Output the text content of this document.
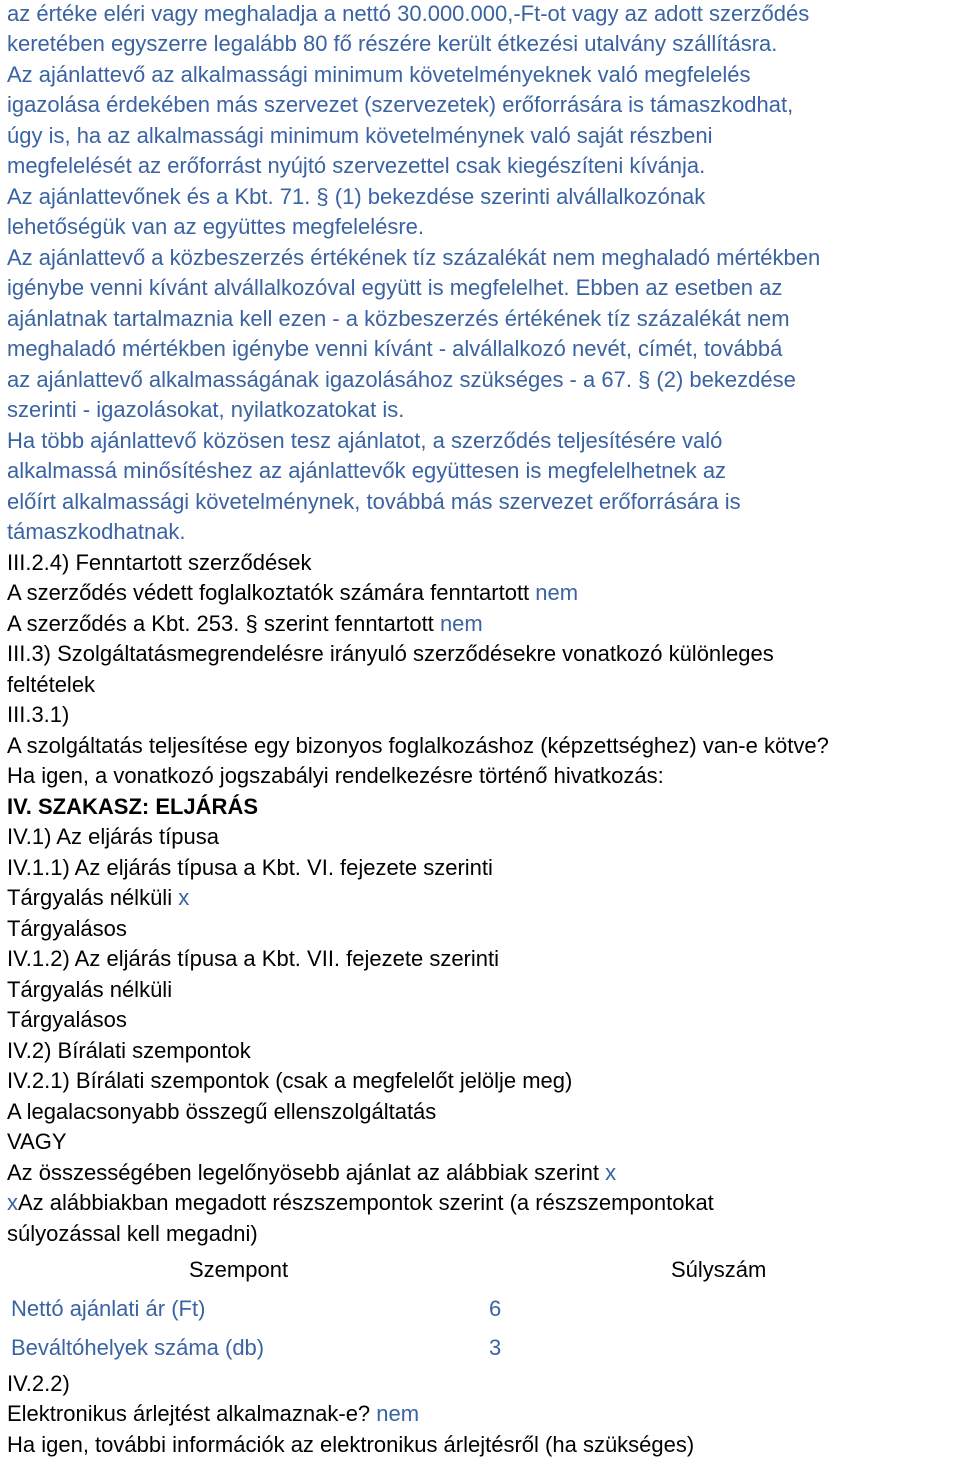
az értéke eléri vagy meghaladja a nettó 30.000.000,-Ft-ot vagy az adott szerződés
keretében egyszerre legalább 80 fő részére került étkezési utalvány szállításra.
Az ajánlattevő az alkalmassági minimum követelményeknek való megfelelés
igazolása érdekében más szervezet (szervezetek) erőforrására is támaszkodhat,
úgy is, ha az alkalmassági minimum követelménynek való saját részbeni
megfelelését az erőforrást nyújtó szervezettel csak kiegészíteni kívánja.
Az ajánlattevőnek és a Kbt. 71. § (1) bekezdése szerinti alvállalkozónak
lehetőségük van az együttes megfelelésre.
Az ajánlattevő a közbeszerzés értékének tíz százalékát nem meghaladó mértékben
igénybe venni kívánt alvállalkozóval együtt is megfelelhet. Ebben az esetben az
ajánlatnak tartalmaznia kell ezen - a közbeszerzés értékének tíz százalékát nem
meghaladó mértékben igénybe venni kívánt - alvállalkozó nevét, címét, továbbá
az ajánlattevő alkalmasságának igazolásához szükséges - a 67. § (2) bekezdése
szerinti - igazolásokat, nyilatkozatokat is.
Ha több ajánlattevő közösen tesz ajánlatot, a szerződés teljesítésére való
alkalmassá minősítéshez az ajánlattevők együttesen is megfelelhetnek az
előírt alkalmassági követelménynek, továbbá más szervezet erőforrására is
támaszkodhatnak.
III.2.4) Fenntartott szerződések
A szerződés védett foglalkoztatók számára fenntartott nem
A szerződés a Kbt. 253. § szerint fenntartott nem
III.3) Szolgáltatásmegrendelésre irányuló szerződésekre vonatkozó különleges
feltételek
III.3.1)
A szolgáltatás teljesítése egy bizonyos foglalkozáshoz (képzettséghez) van-e kötve?
Ha igen, a vonatkozó jogszabályi rendelkezésre történő hivatkozás:
IV. SZAKASZ: ELJÁRÁS
IV.1) Az eljárás típusa
IV.1.1) Az eljárás típusa a Kbt. VI. fejezete szerinti
Tárgyalás nélküli x
Tárgyalásos
IV.1.2) Az eljárás típusa a Kbt. VII. fejezete szerinti
Tárgyalás nélküli
Tárgyalásos
IV.2) Bírálati szempontok
IV.2.1) Bírálati szempontok (csak a megfelelőt jelölje meg)
A legalacsonyabb összegű ellenszolgáltatás
VAGY
Az összességében legelőnyösebb ajánlat az alábbiak szerint x
xAz alábbiakban megadott részszempontok szerint (a részszempontokat
súlyozással kell megadni)
Szempont	Súlyszám
Nettó ajánlati ár (Ft)	6
Beváltóhelyek száma (db)	3
IV.2.2)
Elektronikus árlejtést alkalmaznak-e? nem
Ha igen, további információk az elektronikus árlejtésről (ha szükséges)
